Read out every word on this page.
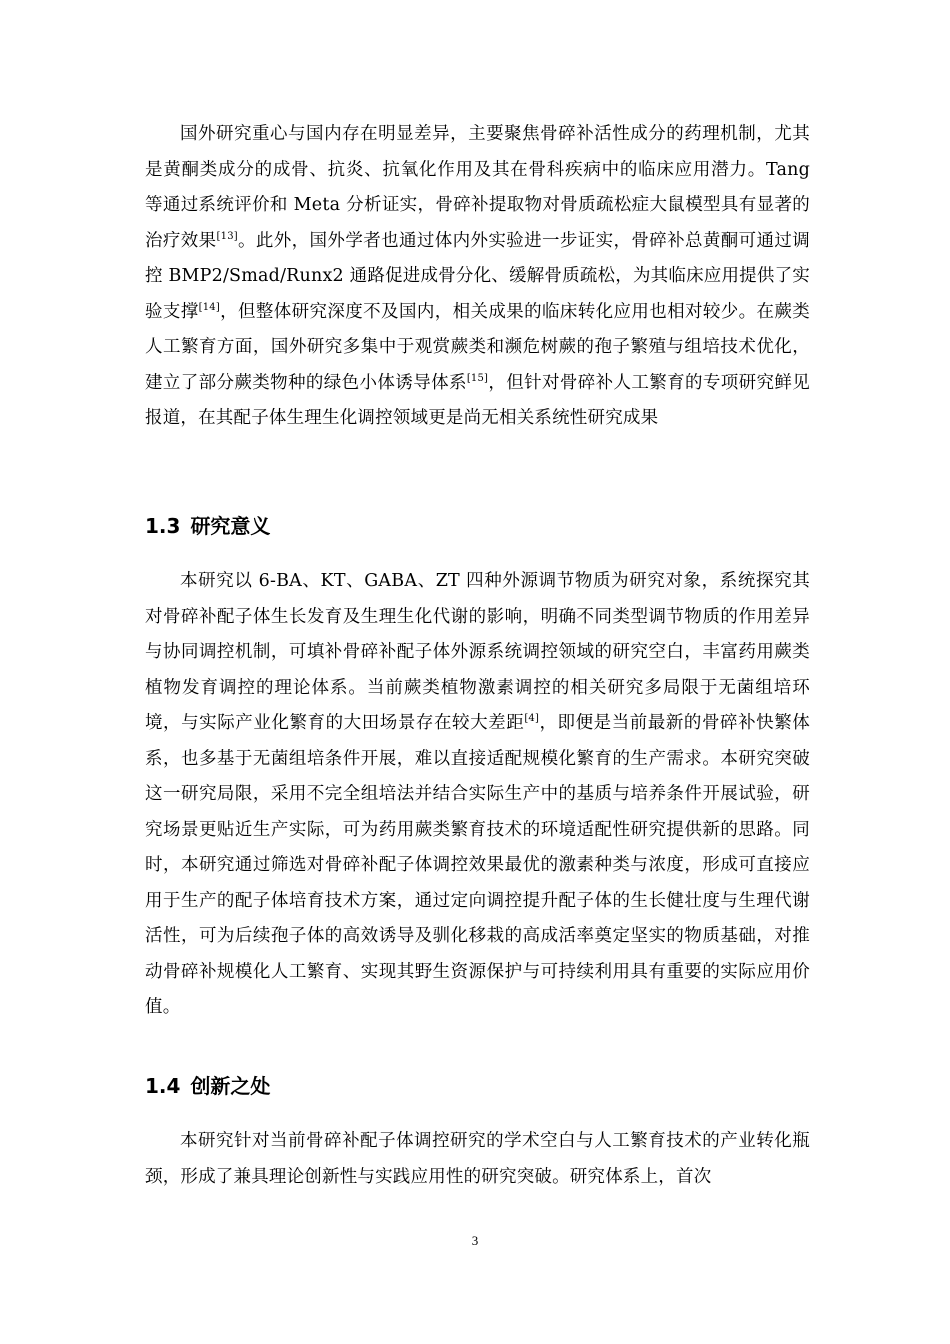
国外研究重心与国内存在明显差异，主要聚焦骨碎补活性成分的药理机制，尤其是黄酮类成分的成骨、抗炎、抗氧化作用及其在骨科疾病中的临床应用潜力。Tang 等通过系统评价和 Meta 分析证实，骨碎补提取物对骨质疏松症大鼠模型具有显著的治疗效果[13]。此外，国外学者也通过体内外实验进一步证实，骨碎补总黄酮可通过调控 BMP2/Smad/Runx2 通路促进成骨分化、缓解骨质疏松，为其临床应用提供了实验支撑[14]，但整体研究深度不及国内，相关成果的临床转化应用也相对较少。在蕨类人工繁育方面，国外研究多集中于观赏蕨类和濒危树蕨的孢子繁殖与组培技术优化，建立了部分蕨类物种的绿色小体诱导体系[15]，但针对骨碎补人工繁育的专项研究鲜见报道，在其配子体生理生化调控领域更是尚无相关系统性研究成果

1.3 研究意义

本研究以 6-BA、KT、GABA、ZT 四种外源调节物质为研究对象，系统探究其对骨碎补配子体生长发育及生理生化代谢的影响，明确不同类型调节物质的作用差异与协同调控机制，可填补骨碎补配子体外源系统调控领域的研究空白，丰富药用蕨类植物发育调控的理论体系。当前蕨类植物激素调控的相关研究多局限于无菌组培环境，与实际产业化繁育的大田场景存在较大差距[4]，即便是当前最新的骨碎补快繁体系，也多基于无菌组培条件开展，难以直接适配规模化繁育的生产需求。本研究突破这一研究局限，采用不完全组培法并结合实际生产中的基质与培养条件开展试验，研究场景更贴近生产实际，可为药用蕨类繁育技术的环境适配性研究提供新的思路。同时，本研究通过筛选对骨碎补配子体调控效果最优的激素种类与浓度，形成可直接应用于生产的配子体培育技术方案，通过定向调控提升配子体的生长健壮度与生理代谢活性，可为后续孢子体的高效诱导及驯化移栽的高成活率奠定坚实的物质基础，对推动骨碎补规模化人工繁育、实现其野生资源保护与可持续利用具有重要的实际应用价值。

1.4 创新之处

本研究针对当前骨碎补配子体调控研究的学术空白与人工繁育技术的产业转化瓶颈，形成了兼具理论创新性与实践应用性的研究突破。研究体系上，首次

3
